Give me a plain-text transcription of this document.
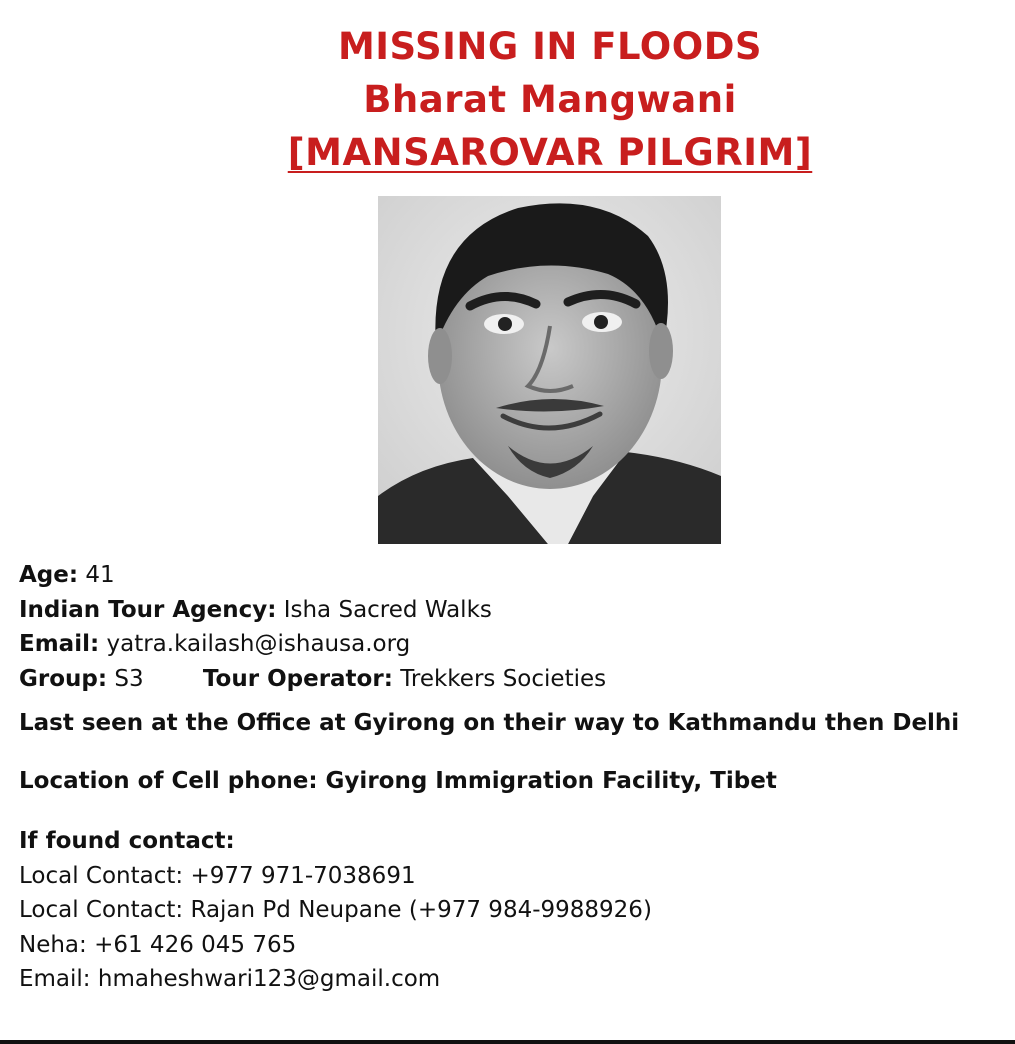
MISSING IN FLOODS
Bharat Mangwani
[MANSAROVAR PILGRIM]
Age: 41
Indian Tour Agency: Isha Sacred Walks
Email: yatra.kailash@ishausa.org
Group: S3	Tour Operator: Trekkers Societies
Last seen at the Office at Gyirong on their way to Kathmandu then Delhi
Location of Cell phone: Gyirong Immigration Facility, Tibet
If found contact:
Local Contact: +977 971-7038691
Local Contact: Rajan Pd Neupane (+977 984-9988926)
Neha: +61 426 045 765
Email: hmaheshwari123@gmail.com
